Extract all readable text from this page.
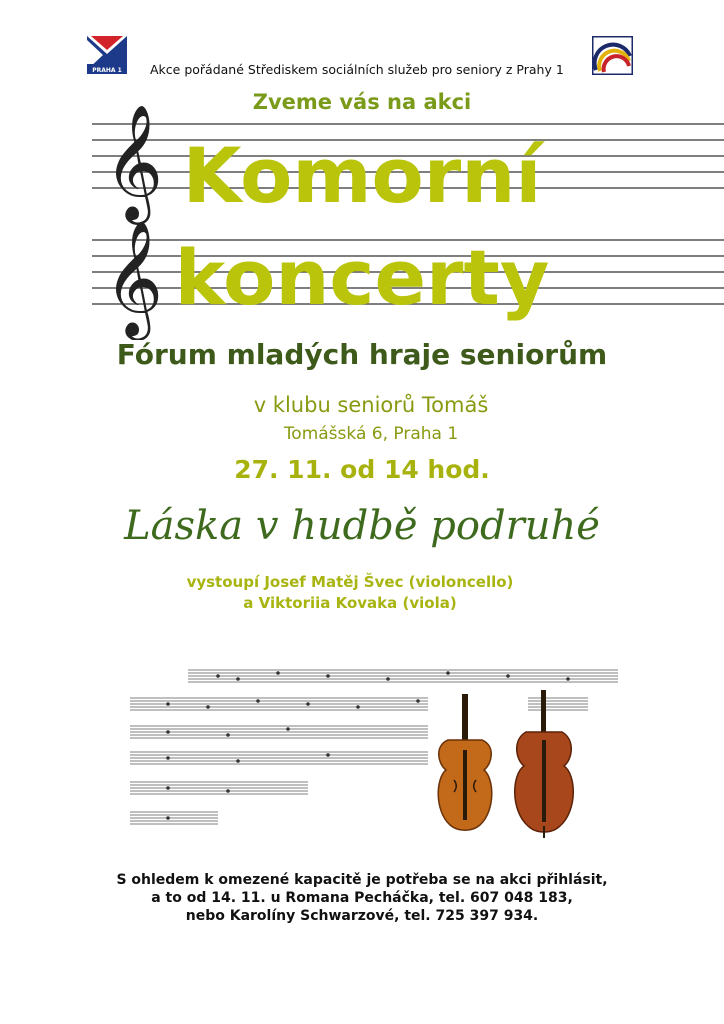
PRAHA 1 Akce pořádané Střediskem sociálních služeb pro seniory z Prahy 1
Zveme vás na akci
𝄞
𝄞
Komorní
koncerty
Fórum mladých hraje seniorům
v klubu seniorů Tomáš
Tomášská 6, Praha 1
27. 11. od 14 hod.
Láska v hudbě podruhé
vystoupí Josef Matěj Švec (violoncello)
a Viktoriia Kovaka (viola)
S ohledem k omezené kapacitě je potřeba se na akci přihlásit,
a to od 14. 11. u Romana Pecháčka, tel. 607 048 183,
nebo Karolíny Schwarzové, tel. 725 397 934.
